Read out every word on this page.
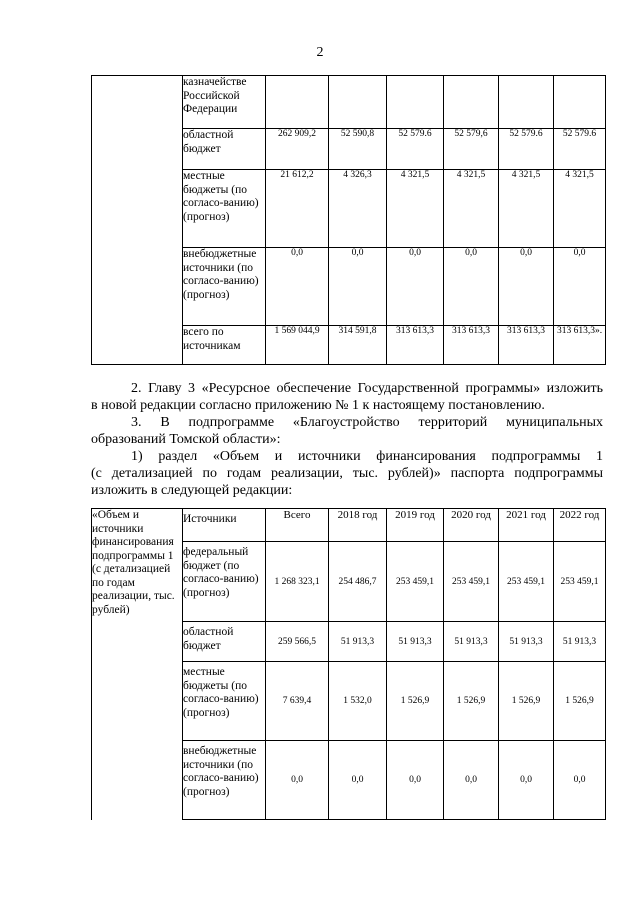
2
	казначействе Российской Федерации						
	областной бюджет	262 909,2	52 590,8	52 579.6	52 579,6	52 579.6	52 579.6
	местные бюджеты (по согласо-ванию) (прогноз)	21 612,2	4 326,3	4 321,5	4 321,5	4 321,5	4 321,5
	внебюджетные источники (по согласо-ванию) (прогноз)	0,0	0,0	0,0	0,0	0,0	0,0
	всего по источникам	1 569 044,9	314 591,8	313 613,3	313 613,3	313 613,3	313 613,3».
2. Главу 3 «Ресурсное обеспечение Государственной программы» изложить
в новой редакции согласно приложению № 1 к настоящему постановлению.
3. В подпрограмме «Благоустройство территорий муниципальных
образований Томской области»:
1) раздел «Объем и источники финансирования подпрограммы 1
(с детализацией по годам реализации, тыс. рублей)» паспорта подпрограммы
изложить в следующей редакции:
«Объем и источники финансирования подпрограммы 1 (с детализацией по годам реализации, тыс. рублей)	Источники	Всего	2018 год	2019 год	2020 год	2021 год	2022 год
	федеральный бюджет (по согласо-ванию) (прогноз)	1 268 323,1	254 486,7	253 459,1	253 459,1	253 459,1	253 459,1
	областной бюджет	259 566,5	51 913,3	51 913,3	51 913,3	51 913,3	51 913,3
	местные бюджеты (по согласо-ванию) (прогноз)	7 639,4	1 532,0	1 526,9	1 526,9	1 526,9	1 526,9
	внебюджетные источники (по согласо-ванию) (прогноз)	0,0	0,0	0,0	0,0	0,0	0,0
